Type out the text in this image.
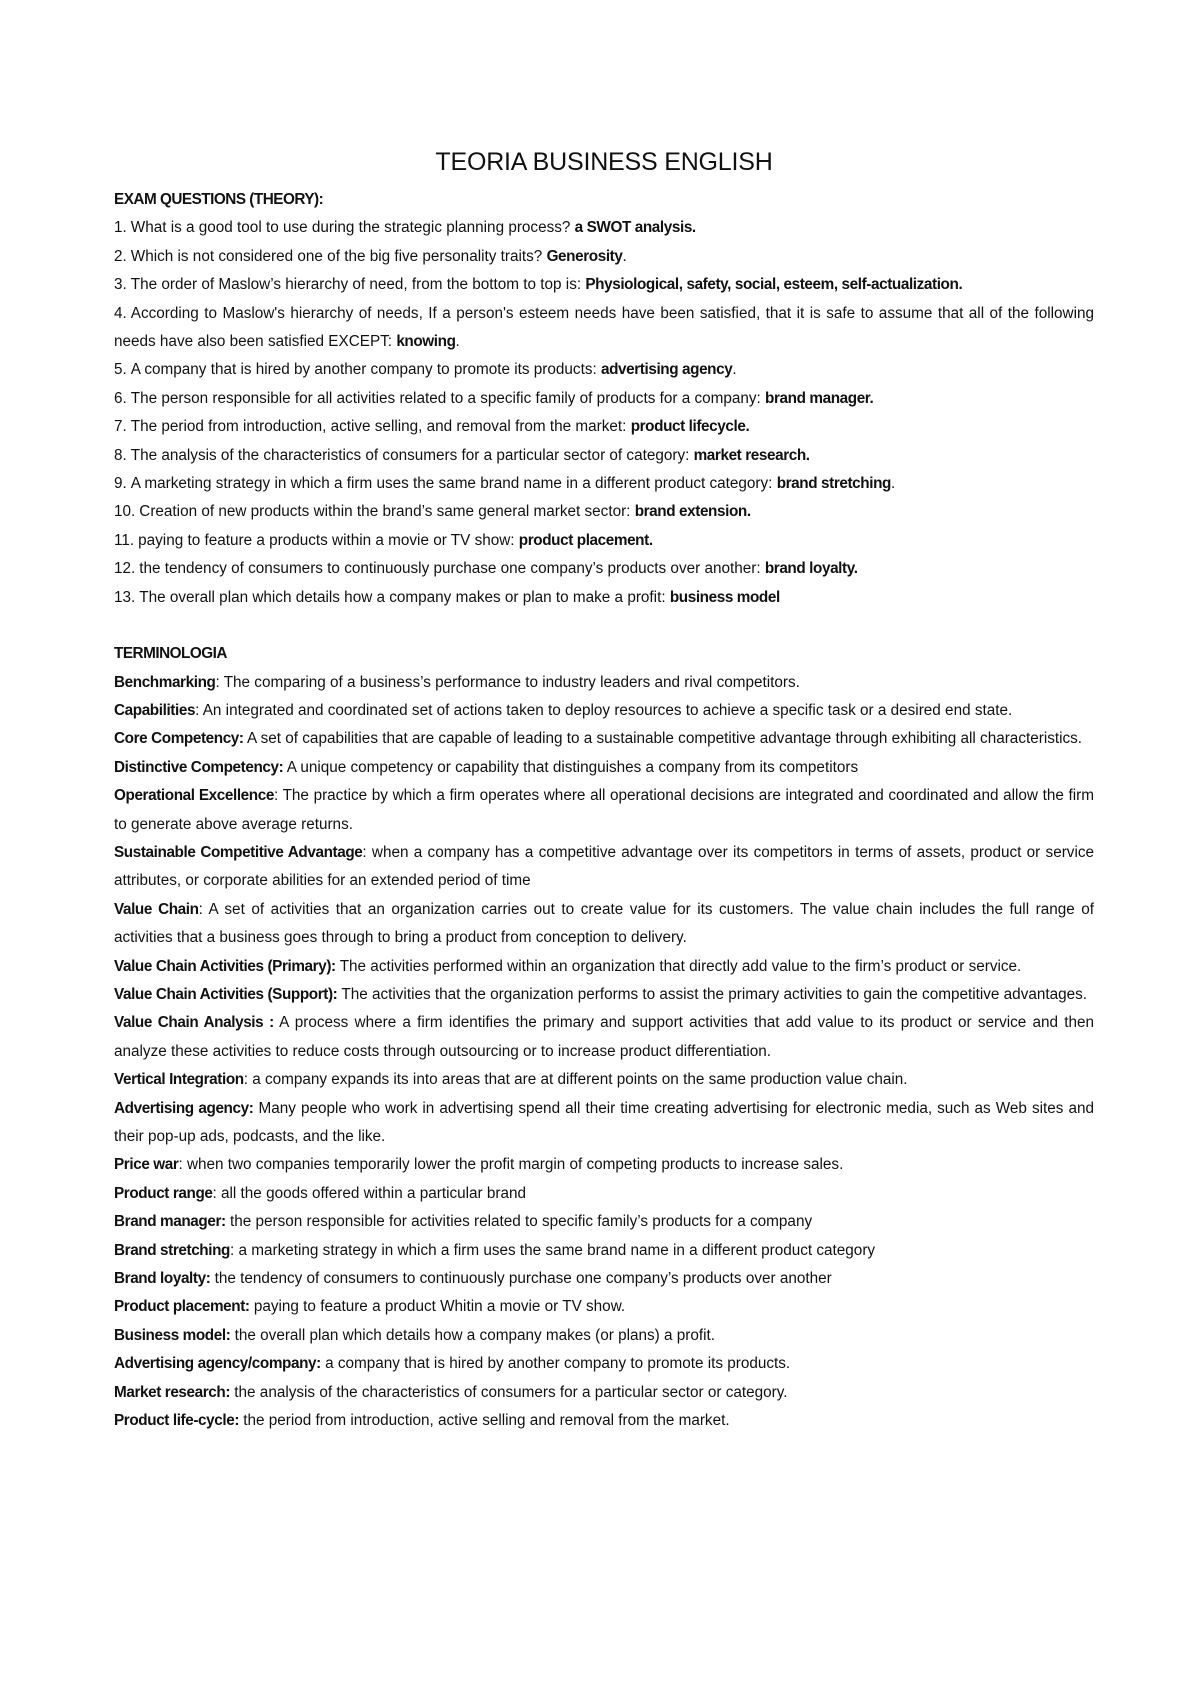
TEORIA BUSINESS ENGLISH

EXAM QUESTIONS (THEORY):

1. What is a good tool to use during the strategic planning process? a SWOT analysis.

2. Which is not considered one of the big five personality traits? Generosity.

3. The order of Maslow’s hierarchy of need, from the bottom to top is: Physiological, safety, social, esteem, self-actualization.

4. According to Maslow's hierarchy of needs, If a person's esteem needs have been satisfied, that it is safe to assume that all of the following needs have also been satisfied EXCEPT: knowing.

5. A company that is hired by another company to promote its products: advertising agency.

6. The person responsible for all activities related to a specific family of products for a company: brand manager.

7. The period from introduction, active selling, and removal from the market: product lifecycle.

8. The analysis of the characteristics of consumers for a particular sector of category: market research.

9. A marketing strategy in which a firm uses the same brand name in a different product category: brand stretching.

10. Creation of new products within the brand’s same general market sector: brand extension.

11. paying to feature a products within a movie or TV show: product placement.

12. the tendency of consumers to continuously purchase one company’s products over another: brand loyalty.

13. The overall plan which details how a company makes or plan to make a profit: business model

TERMINOLOGIA

Benchmarking: The comparing of a business’s performance to industry leaders and rival competitors.

Capabilities: An integrated and coordinated set of actions taken to deploy resources to achieve a specific task or a desired end state.

Core Competency: A set of capabilities that are capable of leading to a sustainable competitive advantage through exhibiting all characteristics.

Distinctive Competency: A unique competency or capability that distinguishes a company from its competitors

Operational Excellence: The practice by which a firm operates where all operational decisions are integrated and coordinated and allow the firm to generate above average returns.

Sustainable Competitive Advantage: when a company has a competitive advantage over its competitors in terms of assets, product or service attributes, or corporate abilities for an extended period of time

Value Chain: A set of activities that an organization carries out to create value for its customers. The value chain includes the full range of activities that a business goes through to bring a product from conception to delivery.

Value Chain Activities (Primary): The activities performed within an organization that directly add value to the firm’s product or service.

Value Chain Activities (Support): The activities that the organization performs to assist the primary activities to gain the competitive advantages.

Value Chain Analysis : A process where a firm identifies the primary and support activities that add value to its product or service and then analyze these activities to reduce costs through outsourcing or to increase product differentiation.

Vertical Integration: a company expands its into areas that are at different points on the same production value chain.

Advertising agency: Many people who work in advertising spend all their time creating advertising for electronic media, such as Web sites and their pop-up ads, podcasts, and the like.

Price war: when two companies temporarily lower the profit margin of competing products to increase sales.

Product range: all the goods offered within a particular brand

Brand manager: the person responsible for activities related to specific family’s products for a company

Brand stretching: a marketing strategy in which a firm uses the same brand name in a different product category

Brand loyalty: the tendency of consumers to continuously purchase one company’s products over another

Product placement: paying to feature a product Whitin a movie or TV show.

Business model: the overall plan which details how a company makes (or plans) a profit.

Advertising agency/company: a company that is hired by another company to promote its products.

Market research: the analysis of the characteristics of consumers for a particular sector or category.

Product life-cycle: the period from introduction, active selling and removal from the market.
